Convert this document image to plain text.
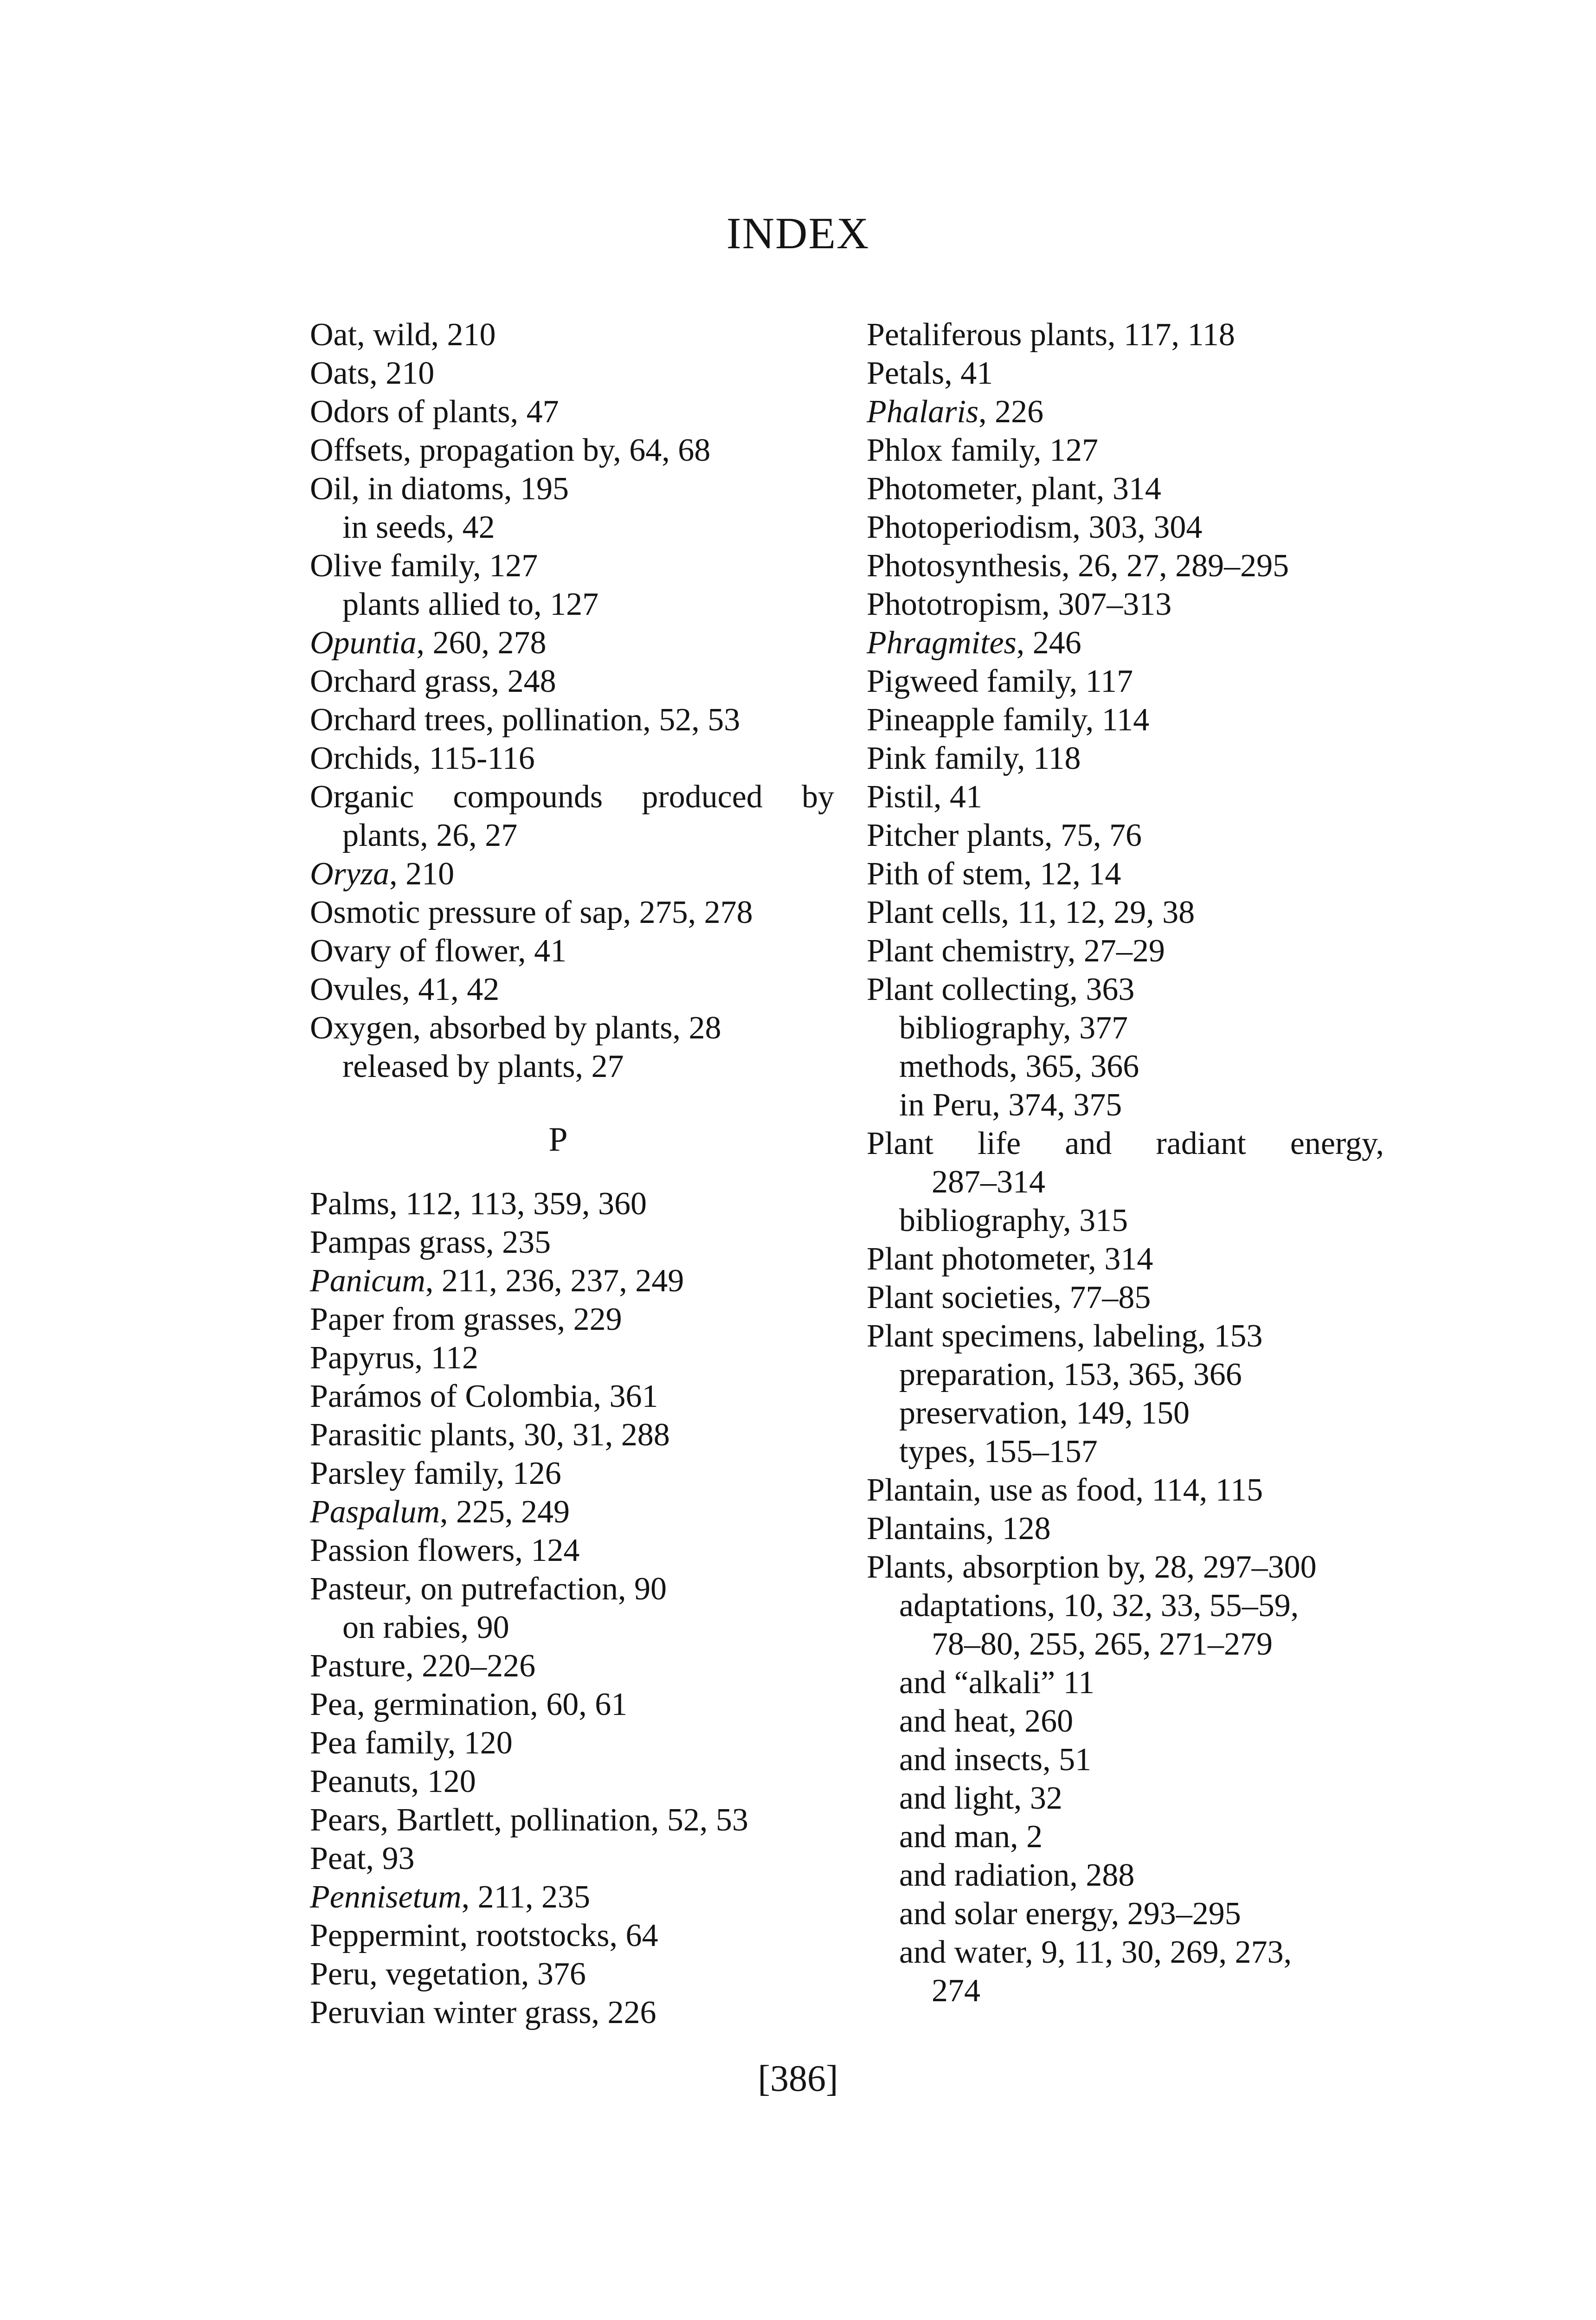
INDEX
Oat, wild, 210
Oats, 210
Odors of plants, 47
Offsets, propagation by, 64, 68
Oil, in diatoms, 195
in seeds, 42
Olive family, 127
plants allied to, 127
Opuntia, 260, 278
Orchard grass, 248
Orchard trees, pollination, 52, 53
Orchids, 115-116
Organic compounds produced by
plants, 26, 27
Oryza, 210
Osmotic pressure of sap, 275, 278
Ovary of flower, 41
Ovules, 41, 42
Oxygen, absorbed by plants, 28
released by plants, 27
P
Palms, 112, 113, 359, 360
Pampas grass, 235
Panicum, 211, 236, 237, 249
Paper from grasses, 229
Papyrus, 112
Parámos of Colombia, 361
Parasitic plants, 30, 31, 288
Parsley family, 126
Paspalum, 225, 249
Passion flowers, 124
Pasteur, on putrefaction, 90
on rabies, 90
Pasture, 220–226
Pea, germination, 60, 61
Pea family, 120
Peanuts, 120
Pears, Bartlett, pollination, 52, 53
Peat, 93
Pennisetum, 211, 235
Peppermint, rootstocks, 64
Peru, vegetation, 376
Peruvian winter grass, 226
Petaliferous plants, 117, 118
Petals, 41
Phalaris, 226
Phlox family, 127
Photometer, plant, 314
Photoperiodism, 303, 304
Photosynthesis, 26, 27, 289–295
Phototropism, 307–313
Phragmites, 246
Pigweed family, 117
Pineapple family, 114
Pink family, 118
Pistil, 41
Pitcher plants, 75, 76
Pith of stem, 12, 14
Plant cells, 11, 12, 29, 38
Plant chemistry, 27–29
Plant collecting, 363
bibliography, 377
methods, 365, 366
in Peru, 374, 375
Plant life and radiant energy,
287–314
bibliography, 315
Plant photometer, 314
Plant societies, 77–85
Plant specimens, labeling, 153
preparation, 153, 365, 366
preservation, 149, 150
types, 155–157
Plantain, use as food, 114, 115
Plantains, 128
Plants, absorption by, 28, 297–300
adaptations, 10, 32, 33, 55–59,
78–80, 255, 265, 271–279
and “alkali” 11
and heat, 260
and insects, 51
and light, 32
and man, 2
and radiation, 288
and solar energy, 293–295
and water, 9, 11, 30, 269, 273,
274
[386]
